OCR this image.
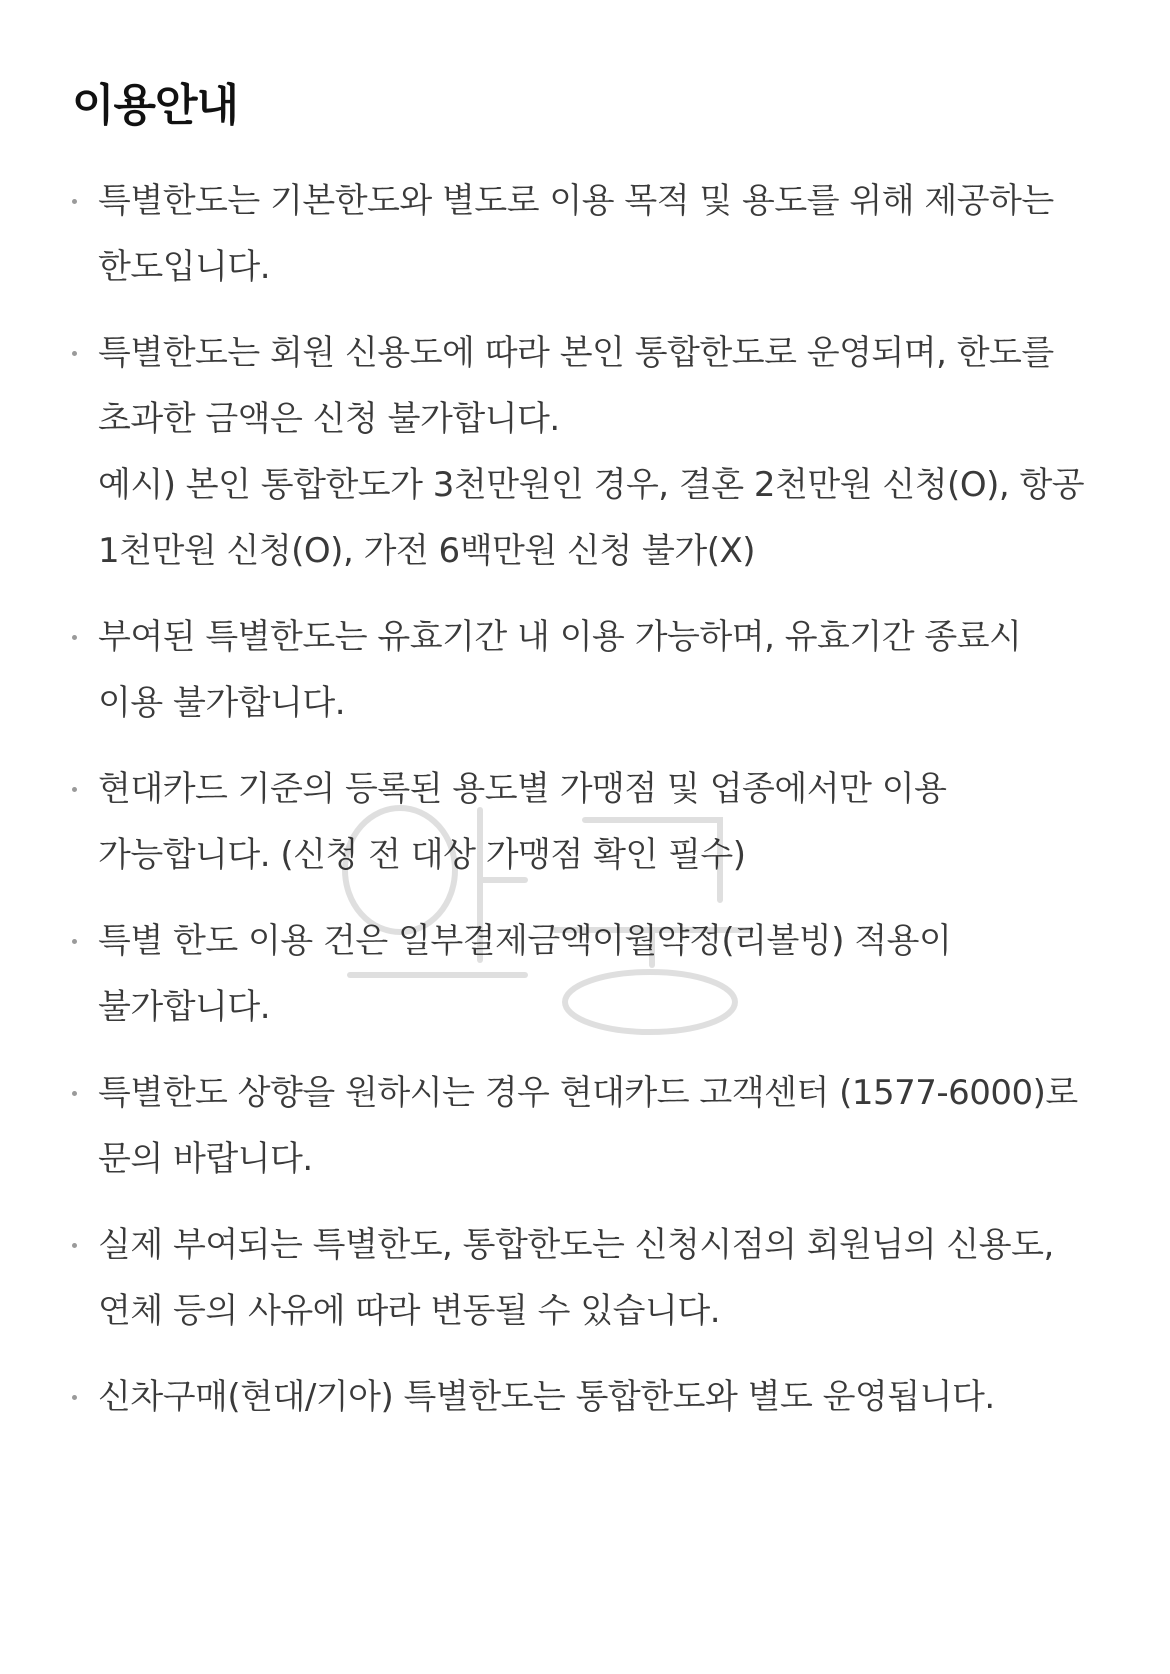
이용안내
특별한도는 기본한도와 별도로 이용 목적 및 용도를 위해 제공하는 한도입니다.
특별한도는 회원 신용도에 따라 본인 통합한도로 운영되며, 한도를 초과한 금액은 신청 불가합니다.
예시) 본인 통합한도가 3천만원인 경우, 결혼 2천만원 신청(O), 항공 1천만원 신청(O), 가전 6백만원 신청 불가(X)
부여된 특별한도는 유효기간 내 이용 가능하며, 유효기간 종료시 이용 불가합니다.
현대카드 기준의 등록된 용도별 가맹점 및 업종에서만 이용 가능합니다. (신청 전 대상 가맹점 확인 필수)
특별 한도 이용 건은 일부결제금액이월약정(리볼빙) 적용이 불가합니다.
특별한도 상향을 원하시는 경우 현대카드 고객센터 (1577-6000)로 문의 바랍니다.
실제 부여되는 특별한도, 통합한도는 신청시점의 회원님의 신용도, 연체 등의 사유에 따라 변동될 수 있습니다.
신차구매(현대/기아) 특별한도는 통합한도와 별도 운영됩니다.
